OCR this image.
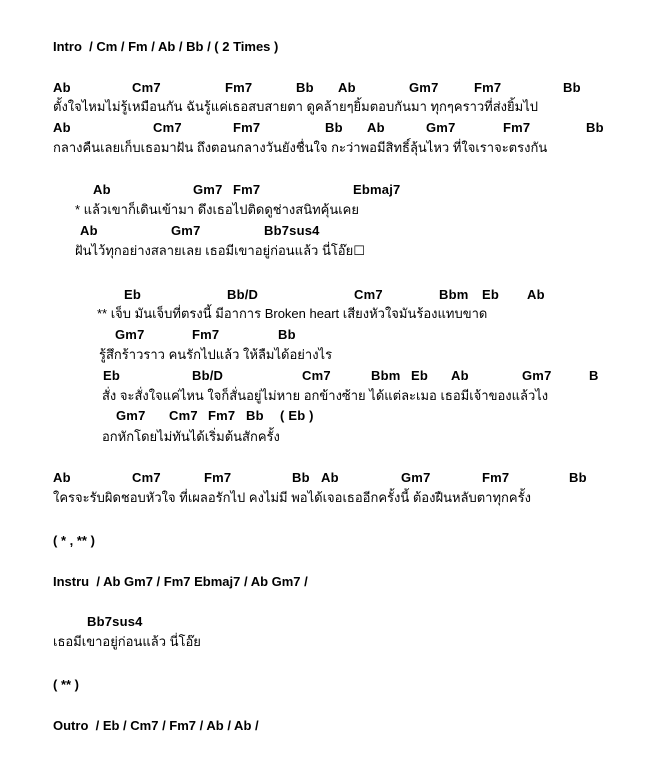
Intro  / Cm / Fm / Ab / Bb / ( 2 Times )

Ab

	Cm7

	Fm7

	Bb

Ab

	Gm7

	Fm7

	Bb

ตั้งใจไหมไม่รู้เหมือนกัน ฉันรู้แค่เธอสบสายตา ดูคล้ายๆยิ้มตอบกันมา ทุกๆคราวที่ส่งยิ้มไป

Ab

	Cm7

	Fm7

	Bb

Ab

	Gm7

	Fm7

	Bb

กลางคืนเลยเก็บเธอมาฝัน ถึงตอนกลางวันยังชื่นใจ กะว่าพอมีสิทธิ์ลุ้นไหว ที่ใจเราจะตรงกัน

Ab

	Gm7

Fm7

	Ebmaj7

* แล้วเขาก็เดินเข้ามา ดึงเธอไปติดดูช่างสนิทคุ้นเคย

Ab

	Gm7

	Bb7sus4

ฝันไว้ทุกอย่างสลายเลย เธอมีเขาอยู่ก่อนแล้ว นี่โอ๊ย☐

Eb

	Bb/D

	Cm7

	Bbm

Eb

Ab

** เจ็บ มันเจ็บที่ตรงนี้ มีอาการ Broken heart เสียงหัวใจมันร้องแทบขาด

Gm7

	Fm7

	Bb

รู้สึกร้าวราว คนรักไปแล้ว ให้ลืมได้อย่างไร

Eb

	Bb/D

	Cm7

	Bbm

Eb

Ab

	Gm7

	B

สั่ง จะสั่งใจแค่ไหน ใจก็สั่นอยู่ไม่หาย อกข้างซ้าย ได้แต่ละเมอ เธอมีเจ้าของแล้วไง

Gm7

Cm7

Fm7

Bb

( Eb )

อกหักโดยไม่ทันได้เริ่มต้นสักครั้ง

Ab

	Cm7

	Fm7

	Bb

Ab

	Gm7

	Fm7

	Bb

ใครจะรับผิดชอบหัวใจ ที่เผลอรักไป คงไม่มี พอได้เจอเธออีกครั้งนี้ ต้องฝืนหลับตาทุกครั้ง
( * , ** )
Instru  / Ab Gm7 / Fm7 Ebmaj7 / Ab Gm7 /

Bb7sus4

เธอมีเขาอยู่ก่อนแล้ว นี่โอ๊ย
( ** )
Outro  / Eb / Cm7 / Fm7 / Ab / Ab /
